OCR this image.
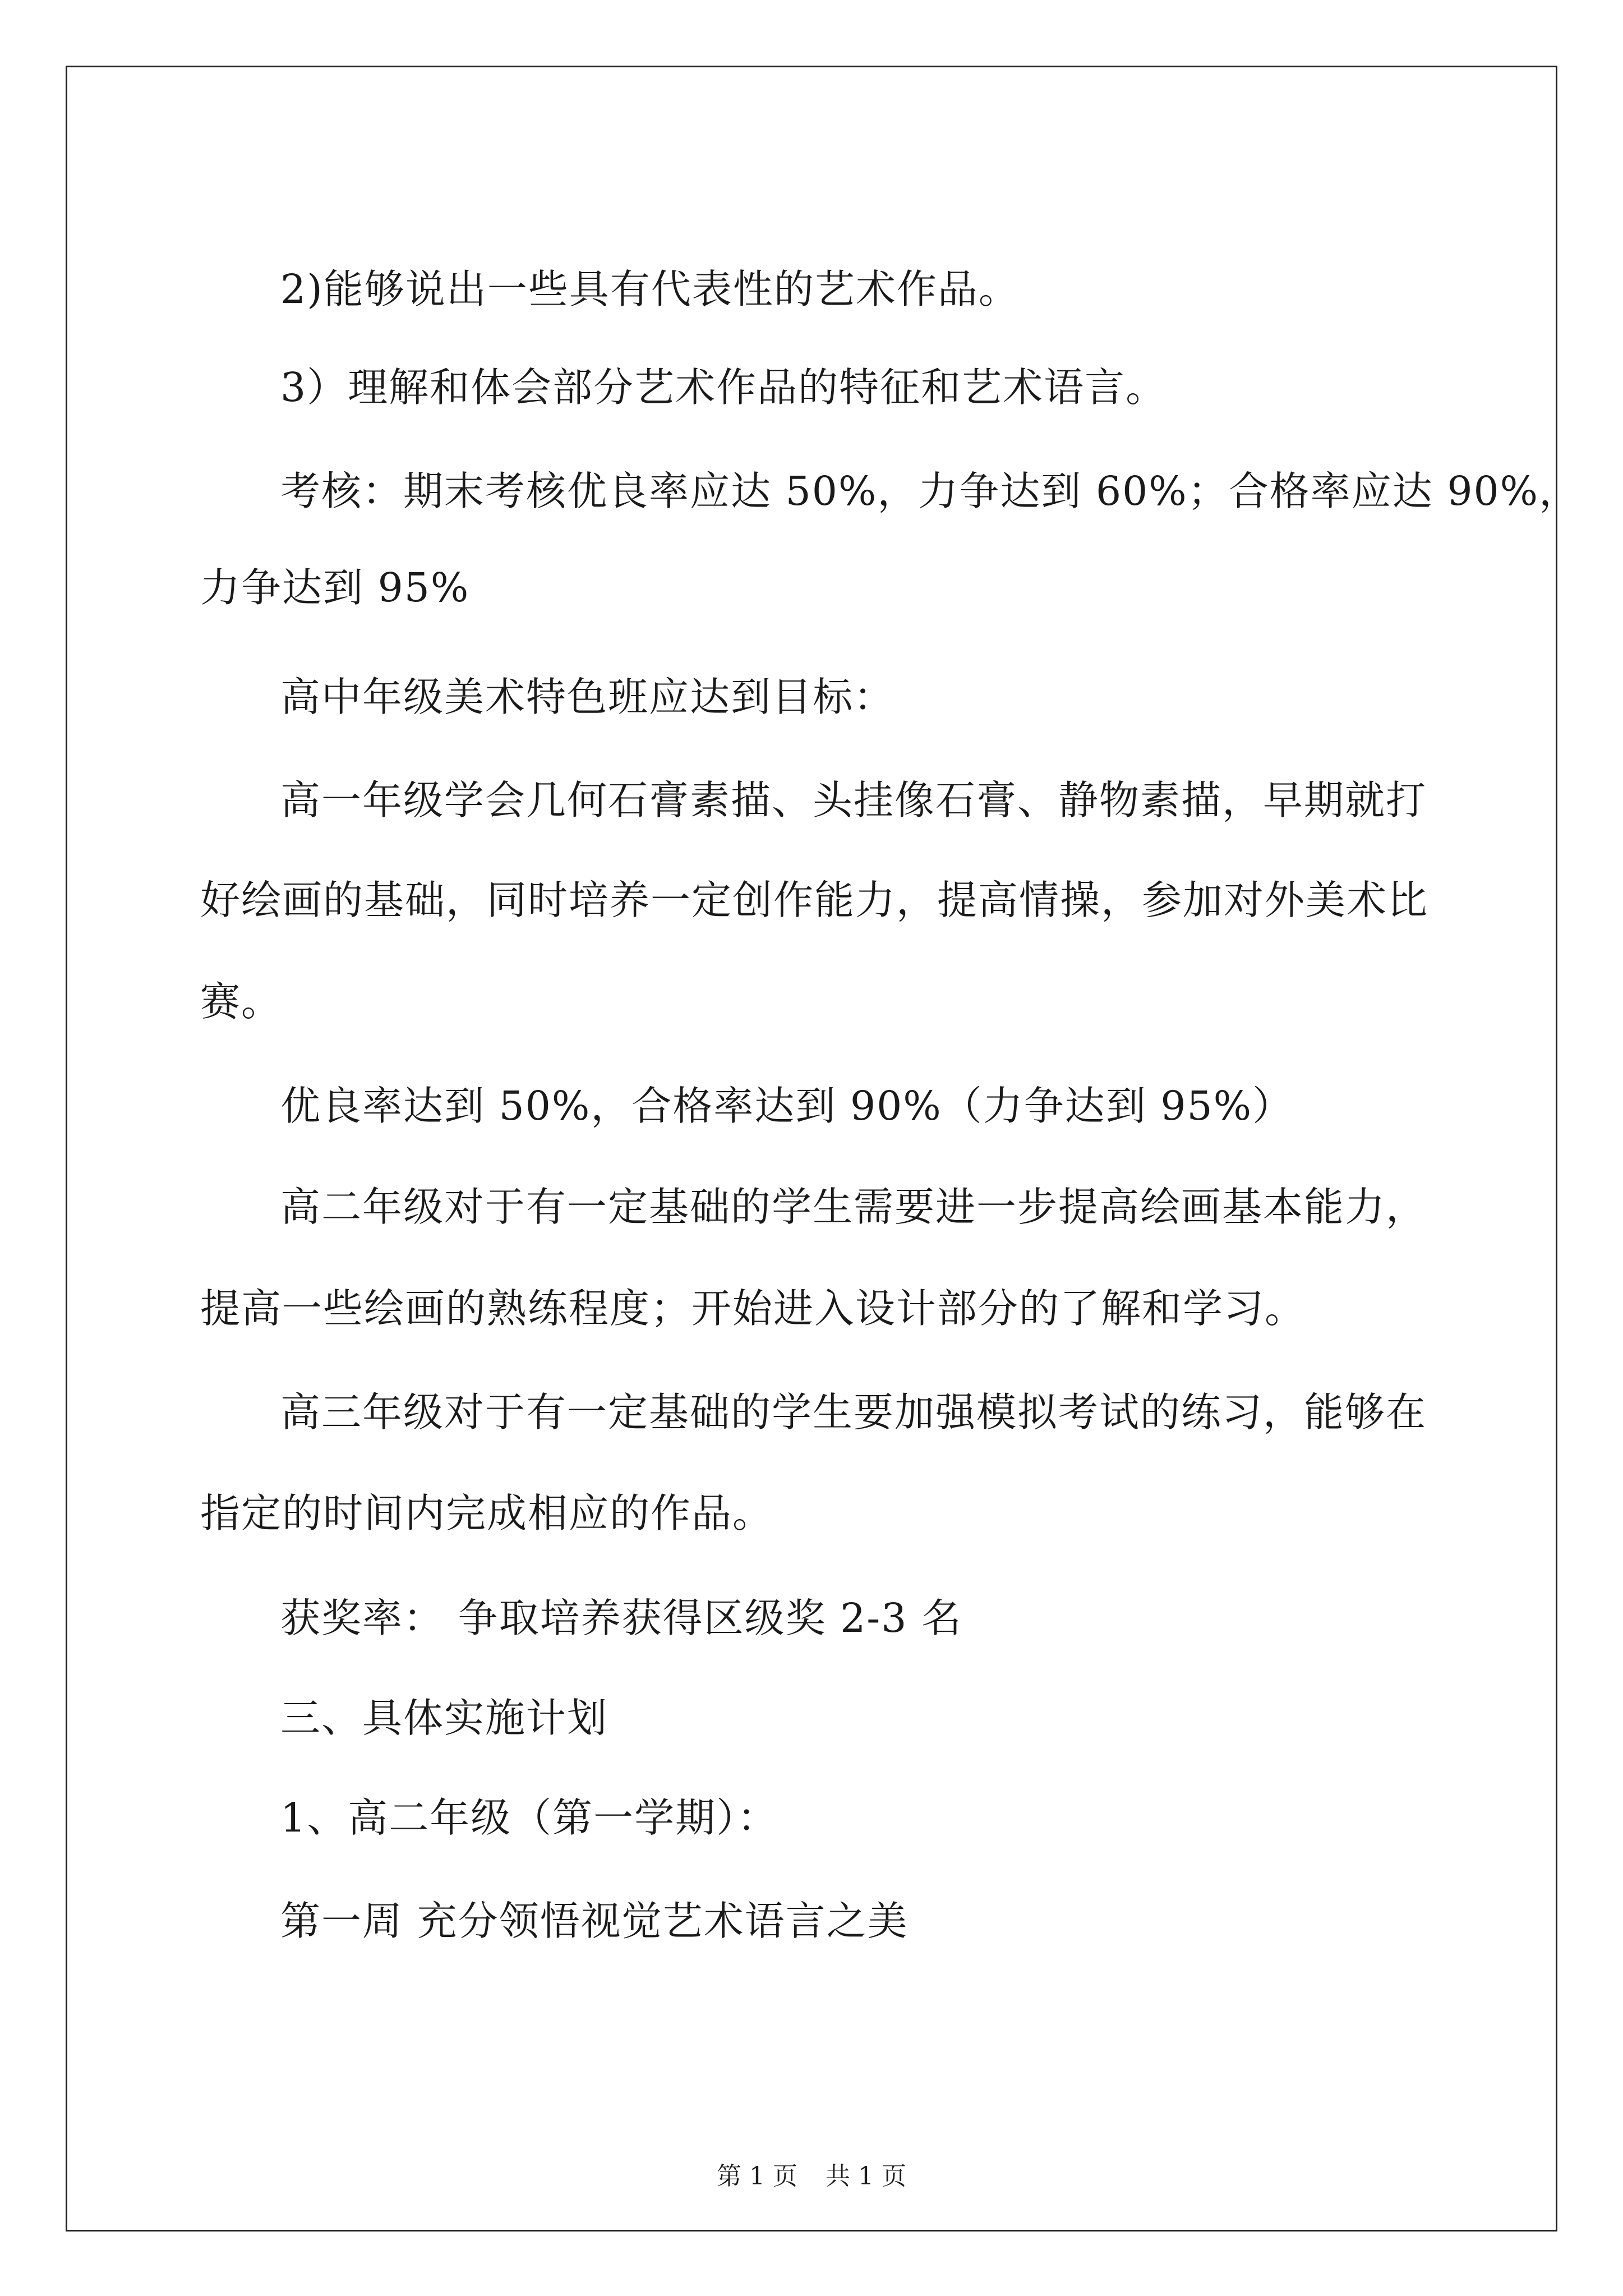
2)能够说出一些具有代表性的艺术作品。
3）理解和体会部分艺术作品的特征和艺术语言。
考核：期末考核优良率应达 50%，力争达到 60%；合格率应达 90%，
力争达到 95%
高中年级美术特色班应达到目标：
高一年级学会几何石膏素描、头挂像石膏、静物素描，早期就打
好绘画的基础，同时培养一定创作能力，提高情操，参加对外美术比
赛。
优良率达到 50%，合格率达到 90%（力争达到 95%）
高二年级对于有一定基础的学生需要进一步提高绘画基本能力，
提高一些绘画的熟练程度；开始进入设计部分的了解和学习。
高三年级对于有一定基础的学生要加强模拟考试的练习，能够在
指定的时间内完成相应的作品。
获奖率： 争取培养获得区级奖 2-3 名
三、具体实施计划
1、高二年级（第一学期）：
第一周 充分领悟视觉艺术语言之美
第 1 页 共 1 页
